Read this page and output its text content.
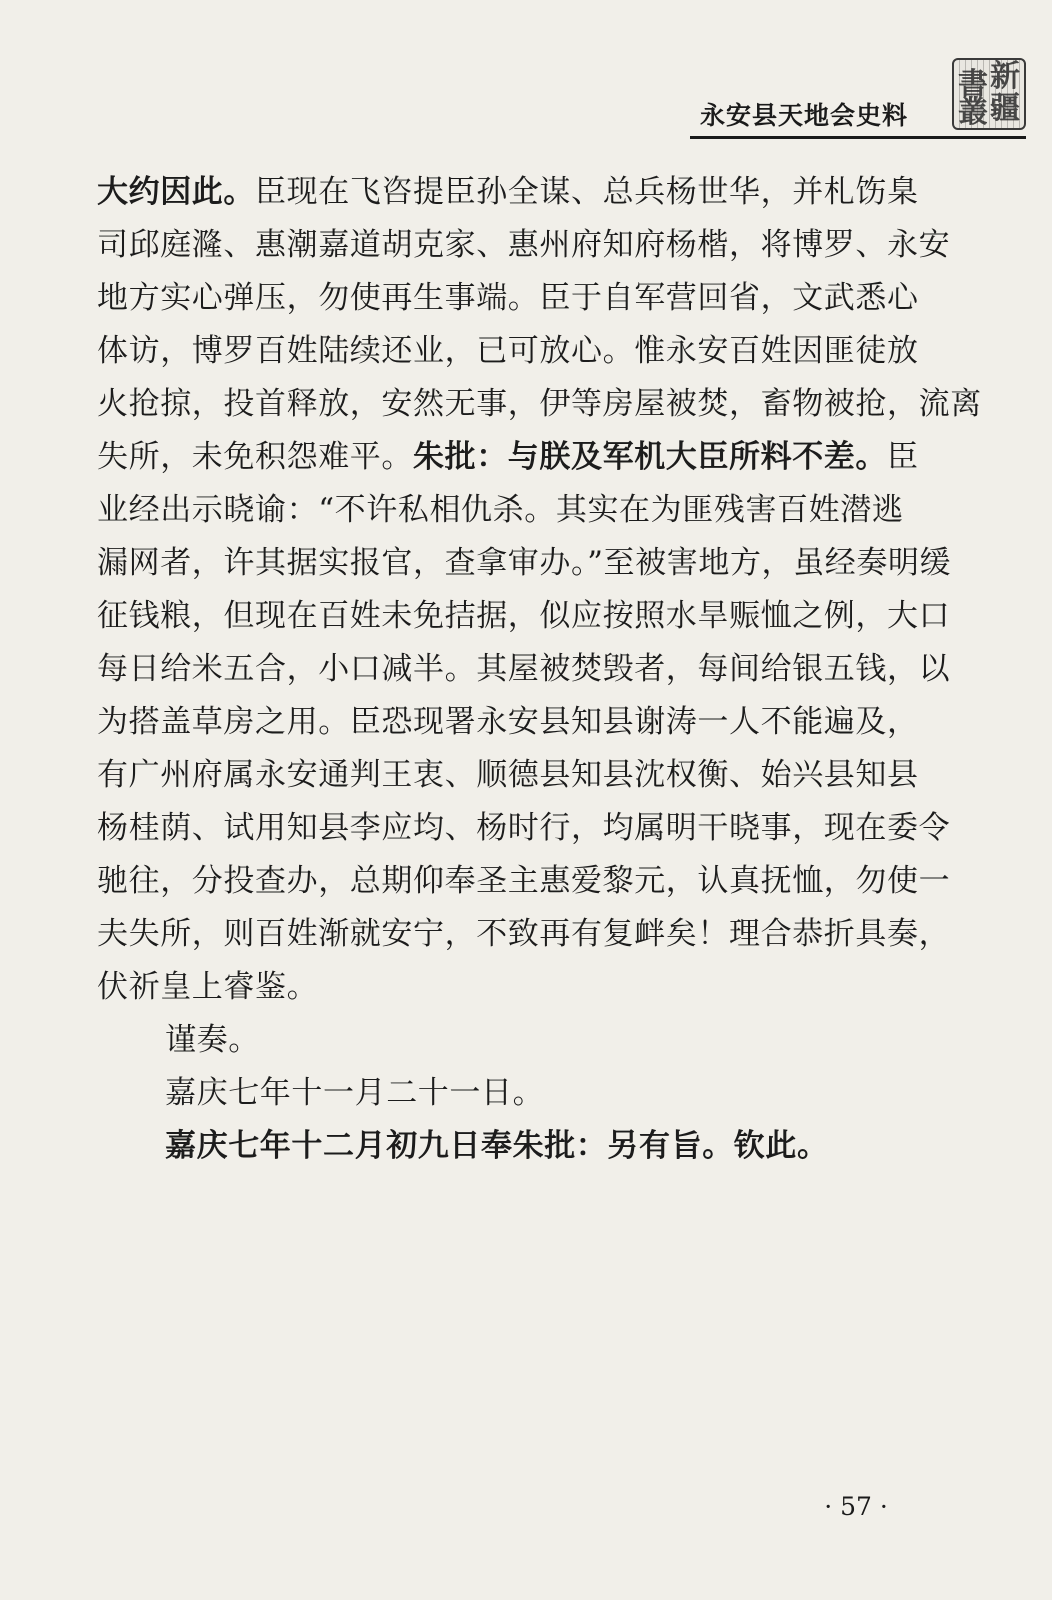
永安县天地会史料
新
疆
書
叢
大约因此。臣现在飞咨提臣孙全谋、总兵杨世华，并札饬臬
司邱庭漋、惠潮嘉道胡克家、惠州府知府杨楷，将博罗、永安
地方实心弹压，勿使再生事端。臣于自军营回省，文武悉心
体访，博罗百姓陆续还业，已可放心。惟永安百姓因匪徒放
火抢掠，投首释放，安然无事，伊等房屋被焚，畜物被抢，流离
失所，未免积怨难平。朱批：与朕及军机大臣所料不差。臣
业经出示晓谕：“不许私相仇杀。其实在为匪残害百姓潜逃
漏网者，许其据实报官，查拿审办。”至被害地方，虽经奏明缓
征钱粮，但现在百姓未免拮据，似应按照水旱赈恤之例，大口
每日给米五合，小口减半。其屋被焚毁者，每间给银五钱，以
为搭盖草房之用。臣恐现署永安县知县谢涛一人不能遍及，
有广州府属永安通判王衷、顺德县知县沈权衡、始兴县知县
杨桂荫、试用知县李应均、杨时行，均属明干晓事，现在委令
驰往，分投查办，总期仰奉圣主惠爱黎元，认真抚恤，勿使一
夫失所，则百姓渐就安宁，不致再有复衅矣！理合恭折具奏，
伏祈皇上睿鉴。
谨奏。
嘉庆七年十一月二十一日。
嘉庆七年十二月初九日奉朱批：另有旨。钦此。
· 57 ·
